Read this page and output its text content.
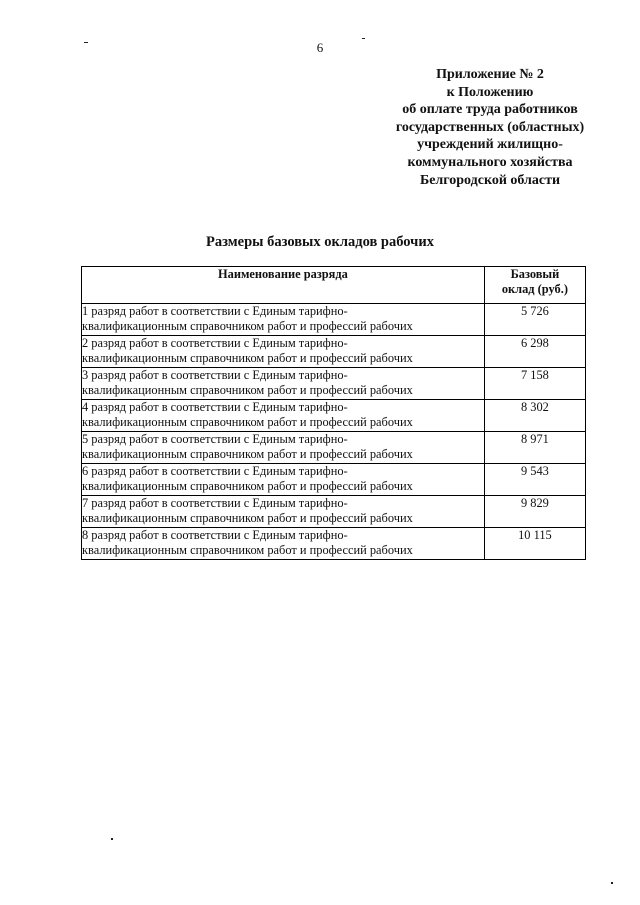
6
Приложение № 2
к Положению
об оплате труда работников
государственных (областных)
учреждений жилищно-
коммунального хозяйства
Белгородской области
Размеры базовых окладов рабочих
Наименование разряда	Базовый
оклад (руб.)

1 разряд работ в соответствии с Единым тарифно-
квалификационным справочником работ и профессий рабочих	5 726

2 разряд работ в соответствии с Единым тарифно-
квалификационным справочником работ и профессий рабочих	6 298

3 разряд работ в соответствии с Единым тарифно-
квалификационным справочником работ и профессий рабочих	7 158

4 разряд работ в соответствии с Единым тарифно-
квалификационным справочником работ и профессий рабочих	8 302

5 разряд работ в соответствии с Единым тарифно-
квалификационным справочником работ и профессий рабочих	8 971

6 разряд работ в соответствии с Единым тарифно-
квалификационным справочником работ и профессий рабочих	9 543

7 разряд работ в соответствии с Единым тарифно-
квалификационным справочником работ и профессий рабочих	9 829

8 разряд работ в соответствии с Единым тарифно-
квалификационным справочником работ и профессий рабочих	10 115
